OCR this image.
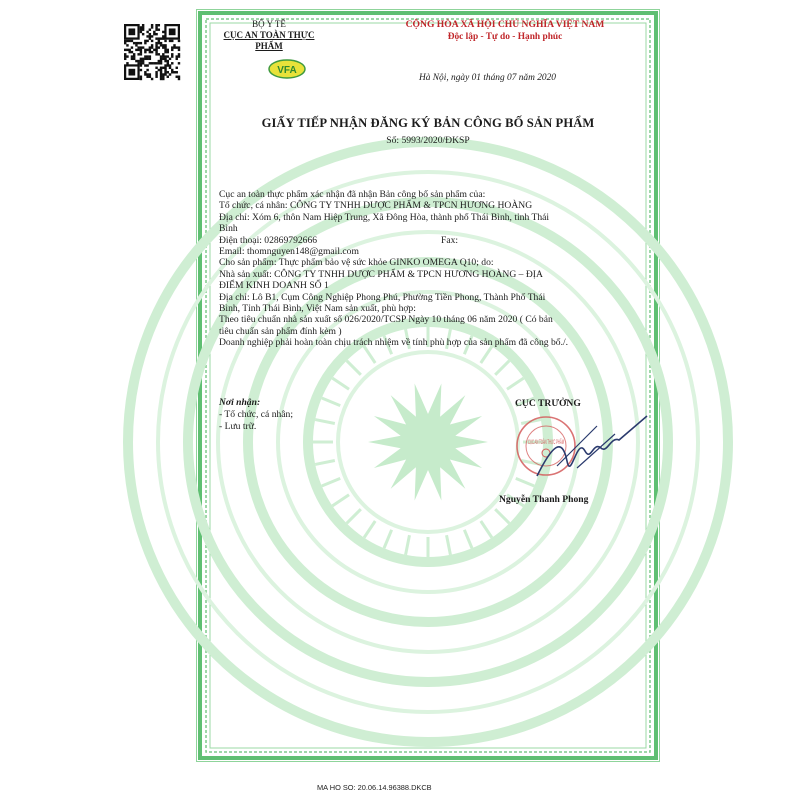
BỘ Y TẾ
CỤC AN TOÀN THỰC PHẨM
VFA
CỘNG HÒA XÃ HỘI CHỦ NGHĨA VIỆT NAM
Độc lập - Tự do - Hạnh phúc
Hà Nội, ngày 01 tháng 07 năm 2020
GIẤY TIẾP NHẬN ĐĂNG KÝ BẢN CÔNG BỐ SẢN PHẨM
Số: 5993/2020/ĐKSP
Cục an toàn thực phẩm xác nhận đã nhận Bản công bố sản phẩm của:
Tổ chức, cá nhân: CÔNG TY TNHH DƯỢC PHẨM & TPCN HƯƠNG HOÀNG
Địa chỉ: Xóm 6, thôn Nam Hiệp Trung, Xã Đông Hòa, thành phố Thái Bình, tỉnh Thái
Bình
Điện thoại: 02869792666	Fax:
Email: thomnguyen148@gmail.com
Cho sản phẩm: Thực phẩm bảo vệ sức khỏe GINKO OMEGA Q10; do:
Nhà sản xuất: CÔNG TY TNHH DƯỢC PHẨM & TPCN HƯƠNG HOÀNG – ĐỊA
ĐIỂM KINH DOANH SỐ 1
Địa chỉ: Lô B1, Cụm Công Nghiệp Phong Phú, Phường Tiền Phong, Thành Phố Thái
Bình, Tỉnh Thái Bình, Việt Nam sản xuất, phù hợp:
Theo tiêu chuẩn nhà sản xuất số 026/2020/TCSP Ngày 10 tháng 06 năm 2020 ( Có bản
tiêu chuẩn sản phẩm đính kèm )
Doanh nghiệp phải hoàn toàn chịu trách nhiệm về tính phù hợp của sản phẩm đã công bố./.
Nơi nhận:
- Tổ chức, cá nhân;
- Lưu trữ.
CỤC TRƯỞNG
CỤC AN TOÀN THỰC PHẨM
Nguyễn Thanh Phong
MA HO SO: 20.06.14.96388.DKCB
